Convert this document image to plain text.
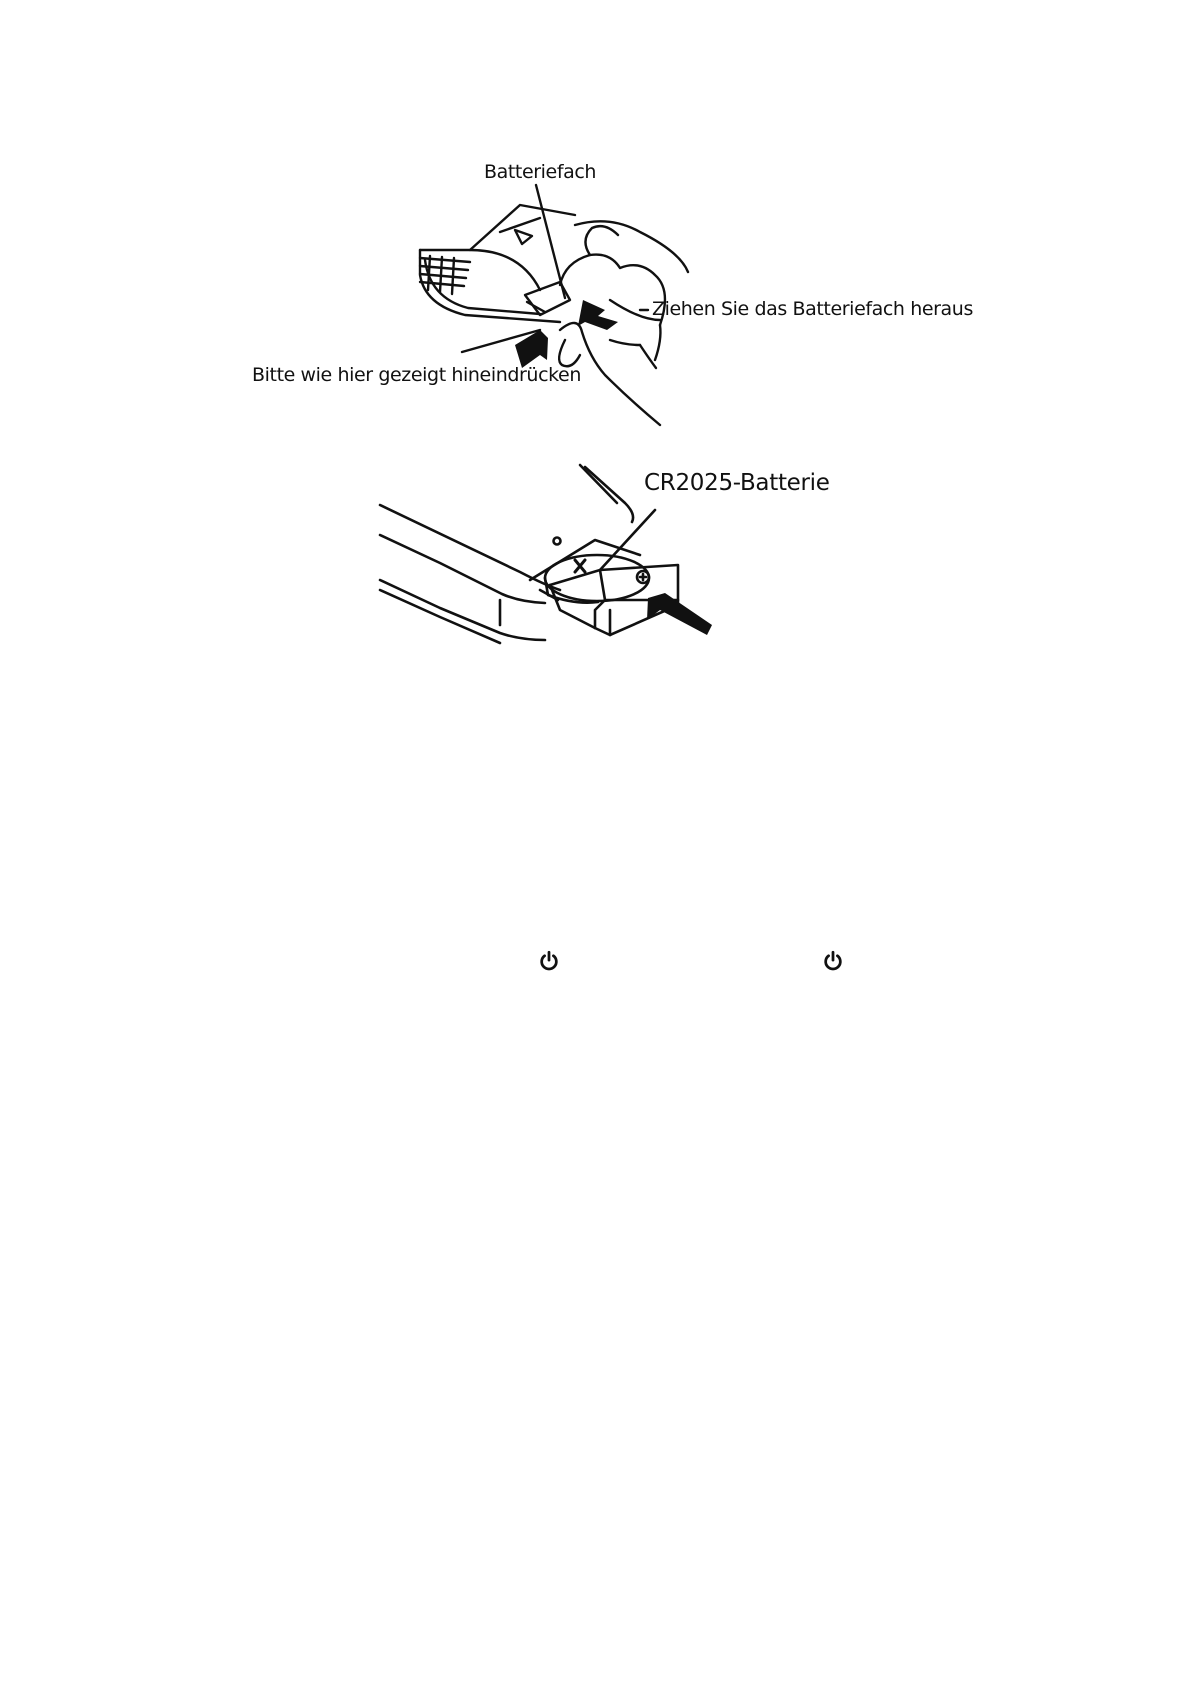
Batteriefach
Ziehen Sie das Batteriefach heraus
Bitte wie hier gezeigt hineindrücken
CR2025-Batterie
